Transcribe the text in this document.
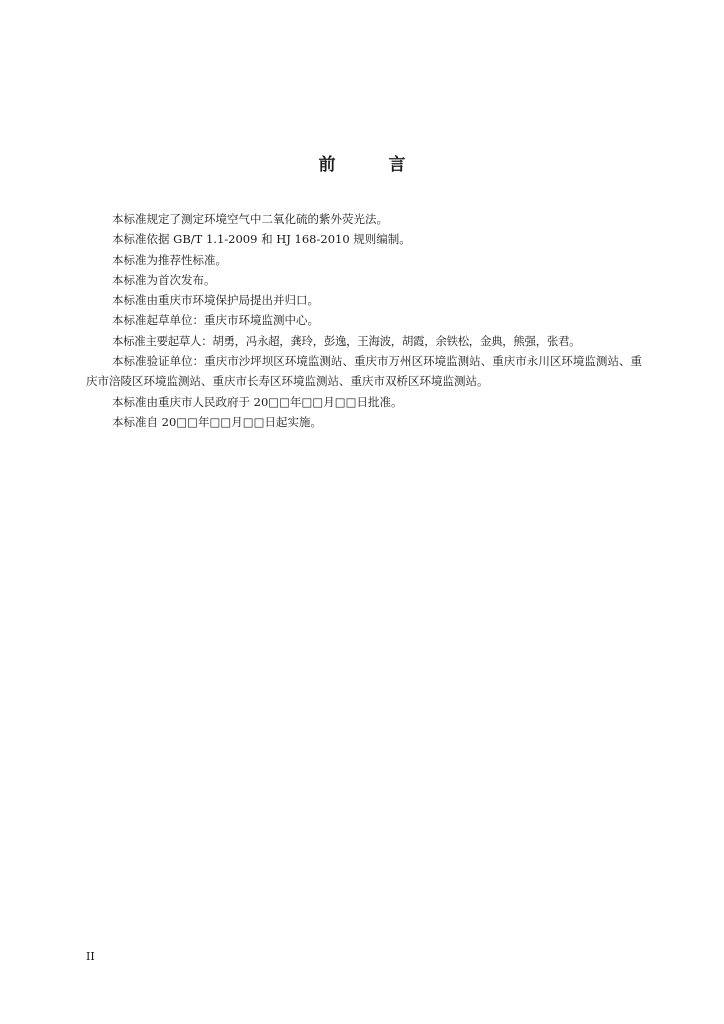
前　言

本标准规定了测定环境空气中二氧化硫的紫外荧光法。

本标准依据 GB/T 1.1-2009 和 HJ 168-2010 规则编制。

本标准为推荐性标准。

本标准为首次发布。

本标准由重庆市环境保护局提出并归口。

本标准起草单位：重庆市环境监测中心。

本标准主要起草人：胡勇，冯永超，龚玲，彭逸，王海波，胡霞，余铁松，金典，熊强，张君。

本标准验证单位：重庆市沙坪坝区环境监测站、重庆市万州区环境监测站、重庆市永川区环境监测站、重庆市涪陵区环境监测站、重庆市长寿区环境监测站、重庆市双桥区环境监测站。

本标准由重庆市人民政府于 20□□年□□月□□日批准。

本标准自 20□□年□□月□□日起实施。

II
